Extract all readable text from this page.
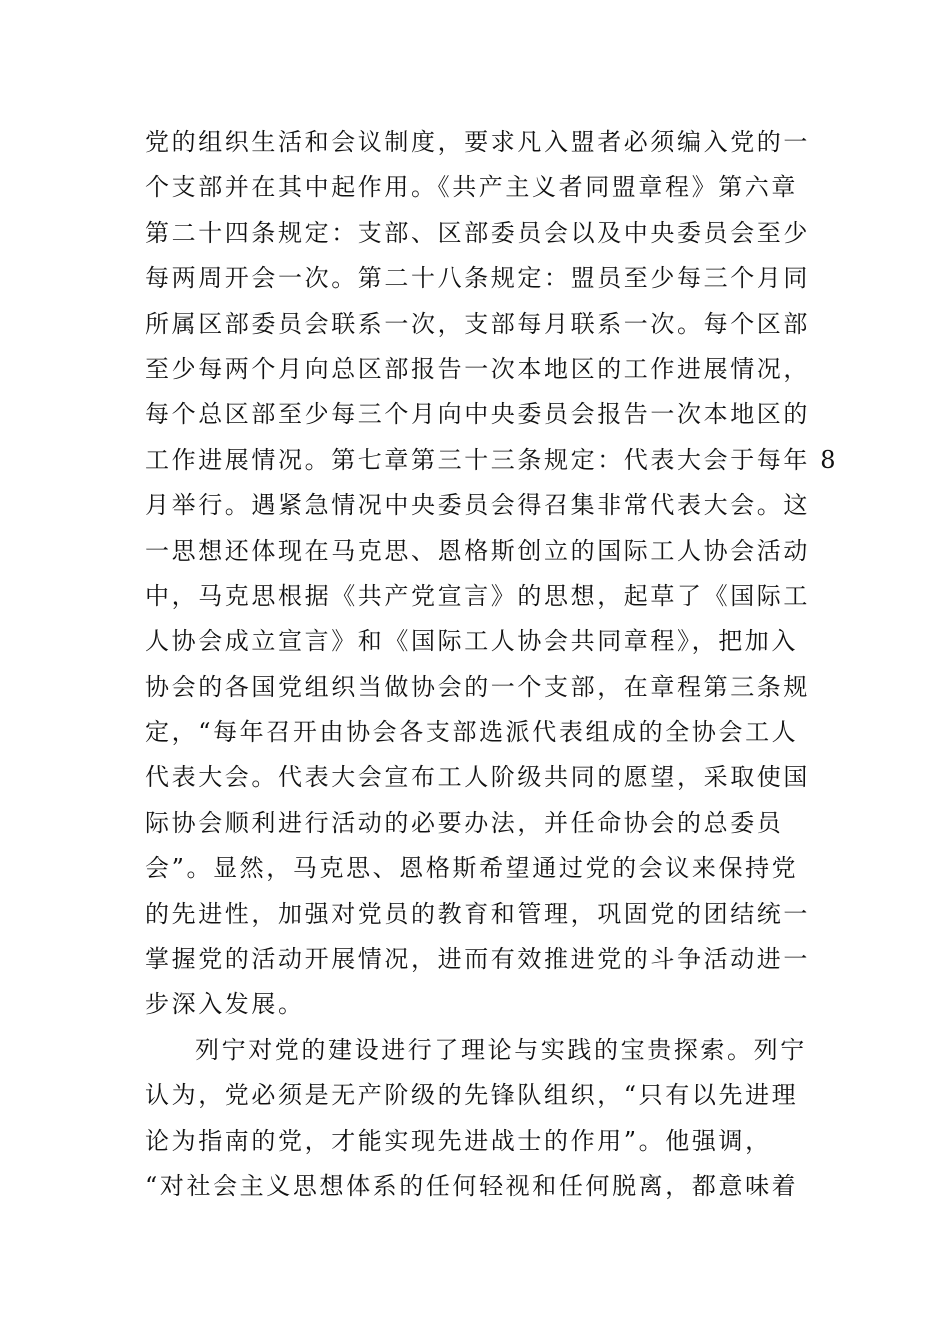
党的组织生活和会议制度，要求凡入盟者必须编入党的一
个支部并在其中起作用。《共产主义者同盟章程》第六章
第二十四条规定：支部、区部委员会以及中央委员会至少
每两周开会一次。第二十八条规定：盟员至少每三个月同
所属区部委员会联系一次，支部每月联系一次。每个区部
至少每两个月向总区部报告一次本地区的工作进展情况，
每个总区部至少每三个月向中央委员会报告一次本地区的
工作进展情况。第七章第三十三条规定：代表大会于每年 8
月举行。遇紧急情况中央委员会得召集非常代表大会。这
一思想还体现在马克思、恩格斯创立的国际工人协会活动
中，马克思根据《共产党宣言》的思想，起草了《国际工
人协会成立宣言》和《国际工人协会共同章程》，把加入
协会的各国党组织当做协会的一个支部，在章程第三条规
定，“每年召开由协会各支部选派代表组成的全协会工人
代表大会。代表大会宣布工人阶级共同的愿望，采取使国
际协会顺利进行活动的必要办法，并任命协会的总委员
会”。显然，马克思、恩格斯希望通过党的会议来保持党
的先进性，加强对党员的教育和管理，巩固党的团结统一
掌握党的活动开展情况，进而有效推进党的斗争活动进一
步深入发展。
列宁对党的建设进行了理论与实践的宝贵探索。列宁
认为，党必须是无产阶级的先锋队组织，“只有以先进理
论为指南的党，才能实现先进战士的作用”。他强调，
“对社会主义思想体系的任何轻视和任何脱离，都意味着
